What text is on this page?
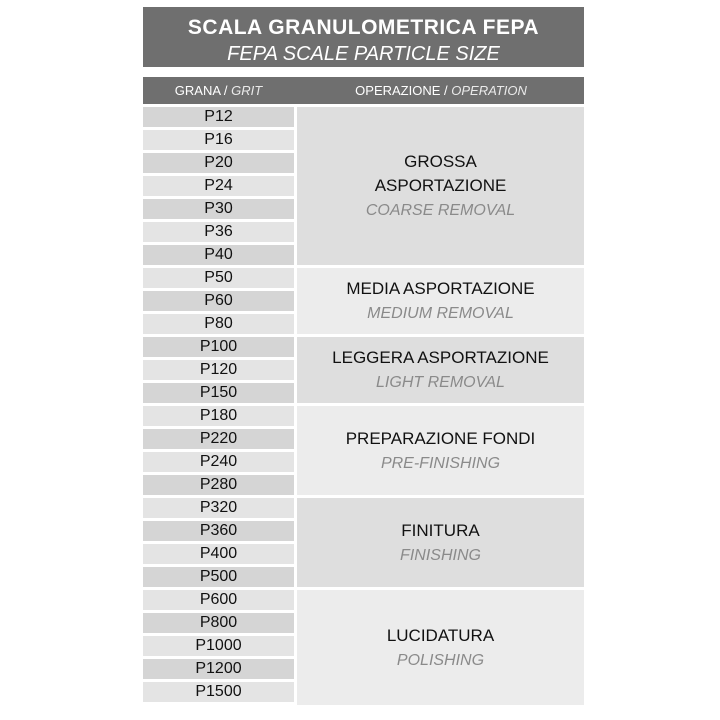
SCALA GRANULOMETRICA FEPA
FEPA SCALE PARTICLE SIZE
GRANA / GRIT	OPERAZIONE / OPERATION
P12
P16
P20
P24
P30
P36
P40
P50
P60
P80
P100
P120
P150
P180
P220
P240
P280
P320
P360
P400
P500
P600
P800
P1000
P1200
P1500
GROSSA
ASPORTAZIONE
COARSE REMOVAL
MEDIA ASPORTAZIONE
MEDIUM REMOVAL
LEGGERA ASPORTAZIONE
LIGHT REMOVAL
PREPARAZIONE FONDI
PRE-FINISHING
FINITURA
FINISHING
LUCIDATURA
POLISHING
